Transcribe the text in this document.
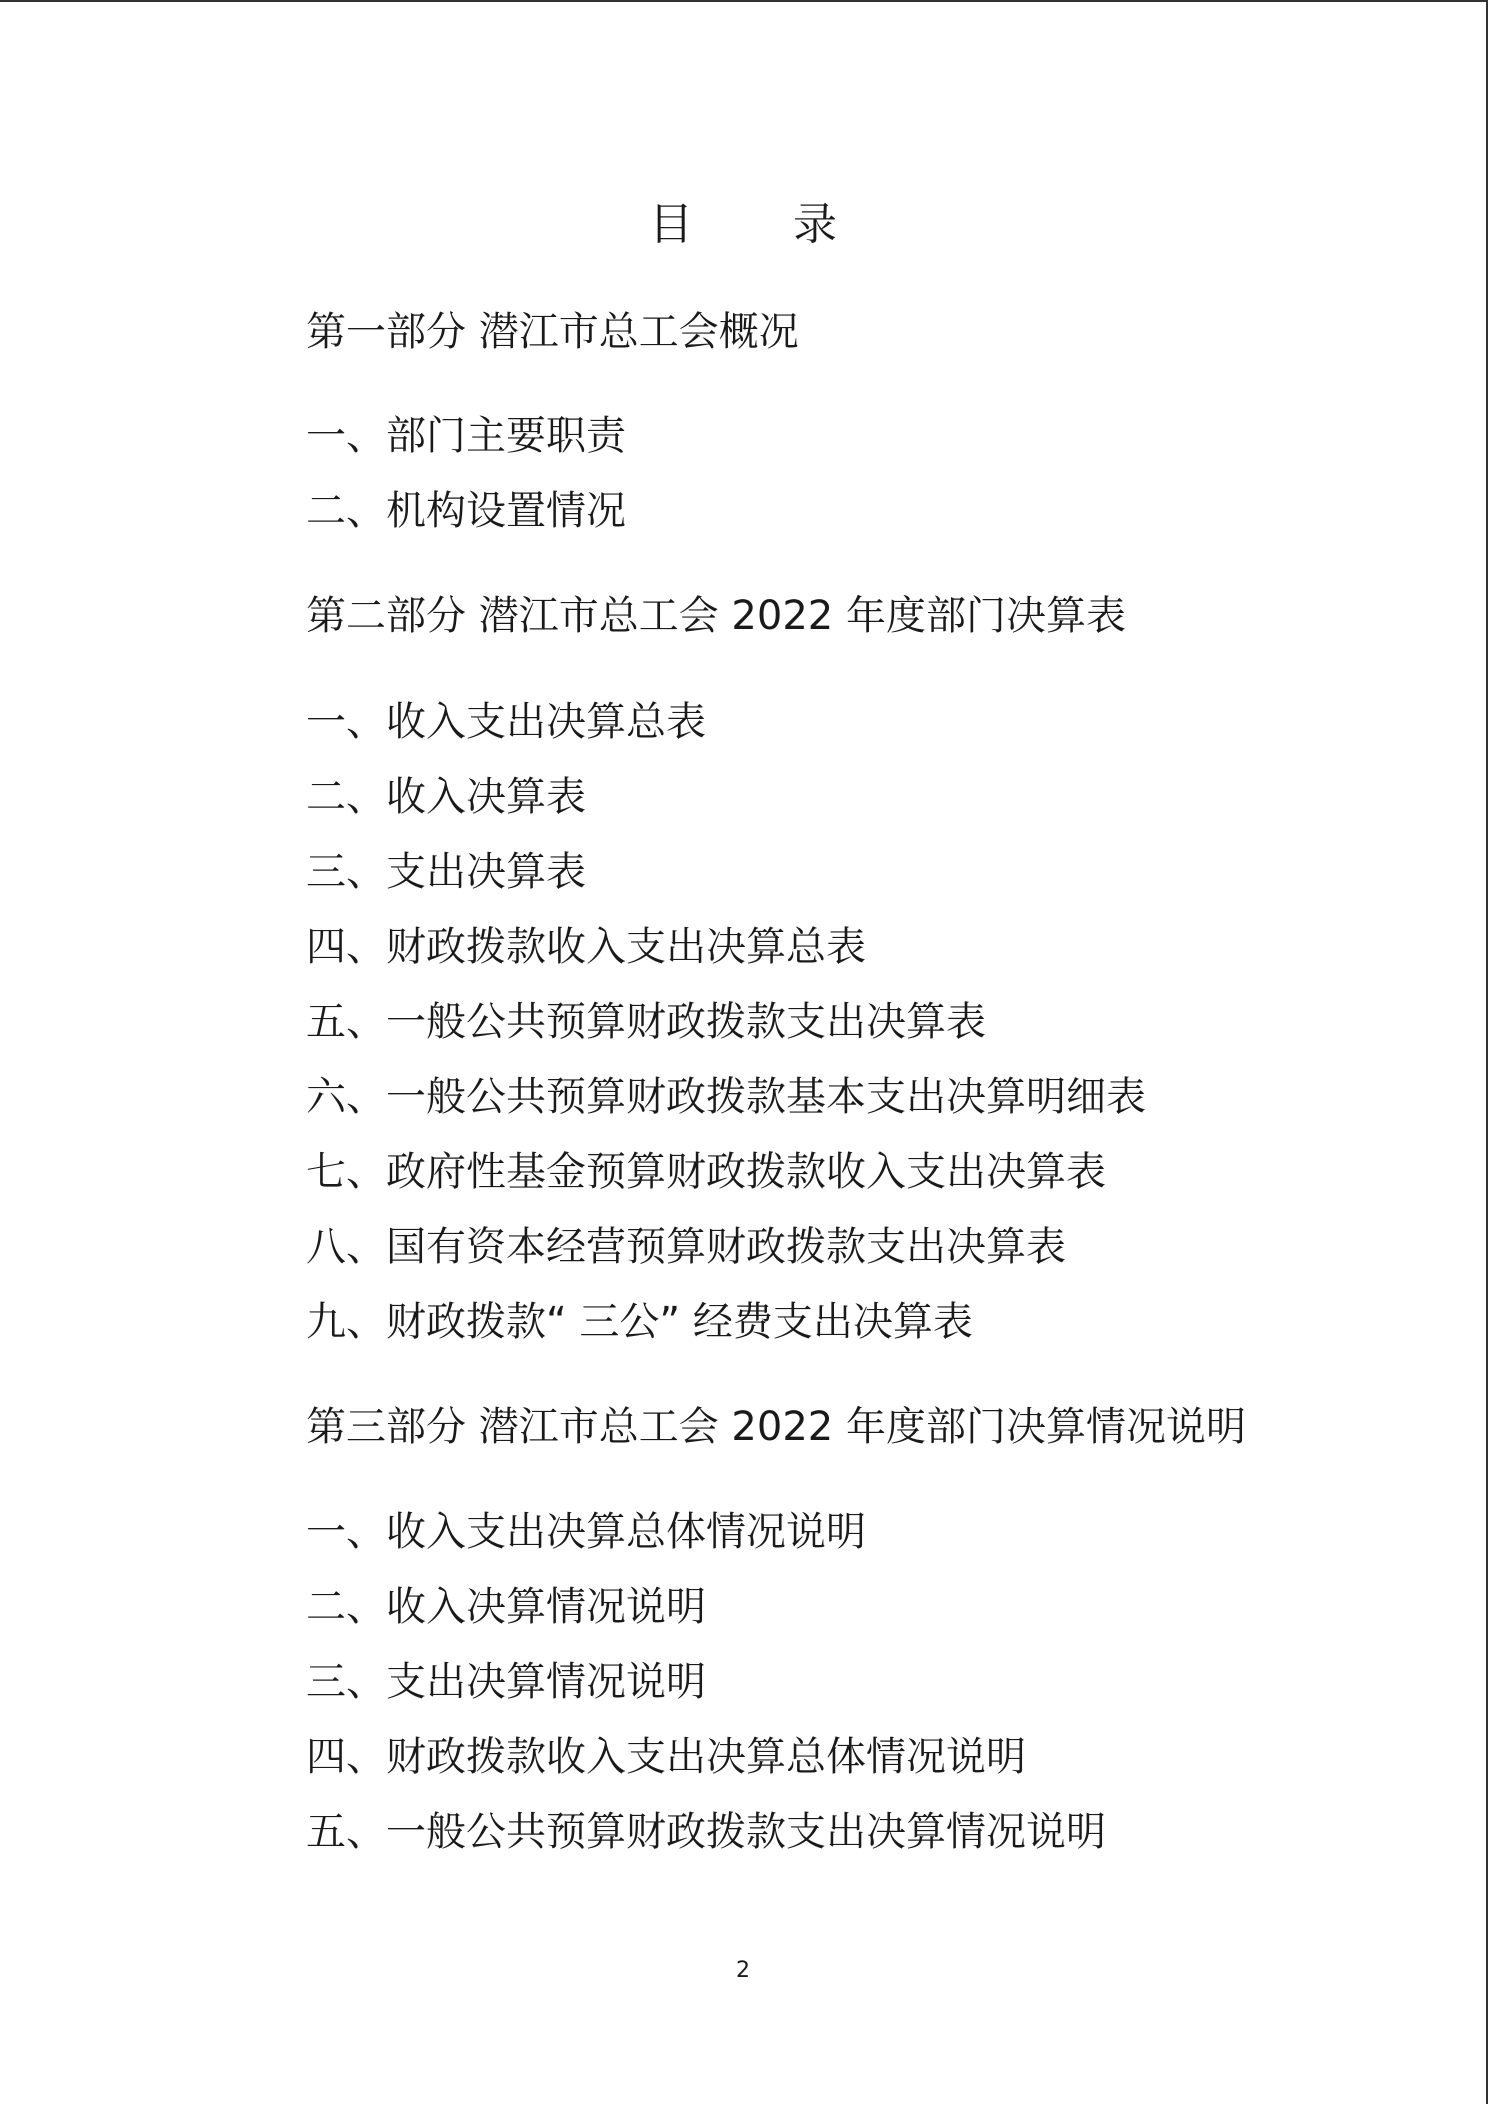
目录
第一部分 潜江市总工会概况
一、部门主要职责
二、机构设置情况
第二部分 潜江市总工会 2022 年度部门决算表
一、收入支出决算总表
二、收入决算表
三、支出决算表
四、财政拨款收入支出决算总表
五、一般公共预算财政拨款支出决算表
六、一般公共预算财政拨款基本支出决算明细表
七、政府性基金预算财政拨款收入支出决算表
八、国有资本经营预算财政拨款支出决算表
九、财政拨款“ 三公” 经费支出决算表
第三部分 潜江市总工会 2022 年度部门决算情况说明
一、收入支出决算总体情况说明
二、收入决算情况说明
三、支出决算情况说明
四、财政拨款收入支出决算总体情况说明
五、一般公共预算财政拨款支出决算情况说明
2
